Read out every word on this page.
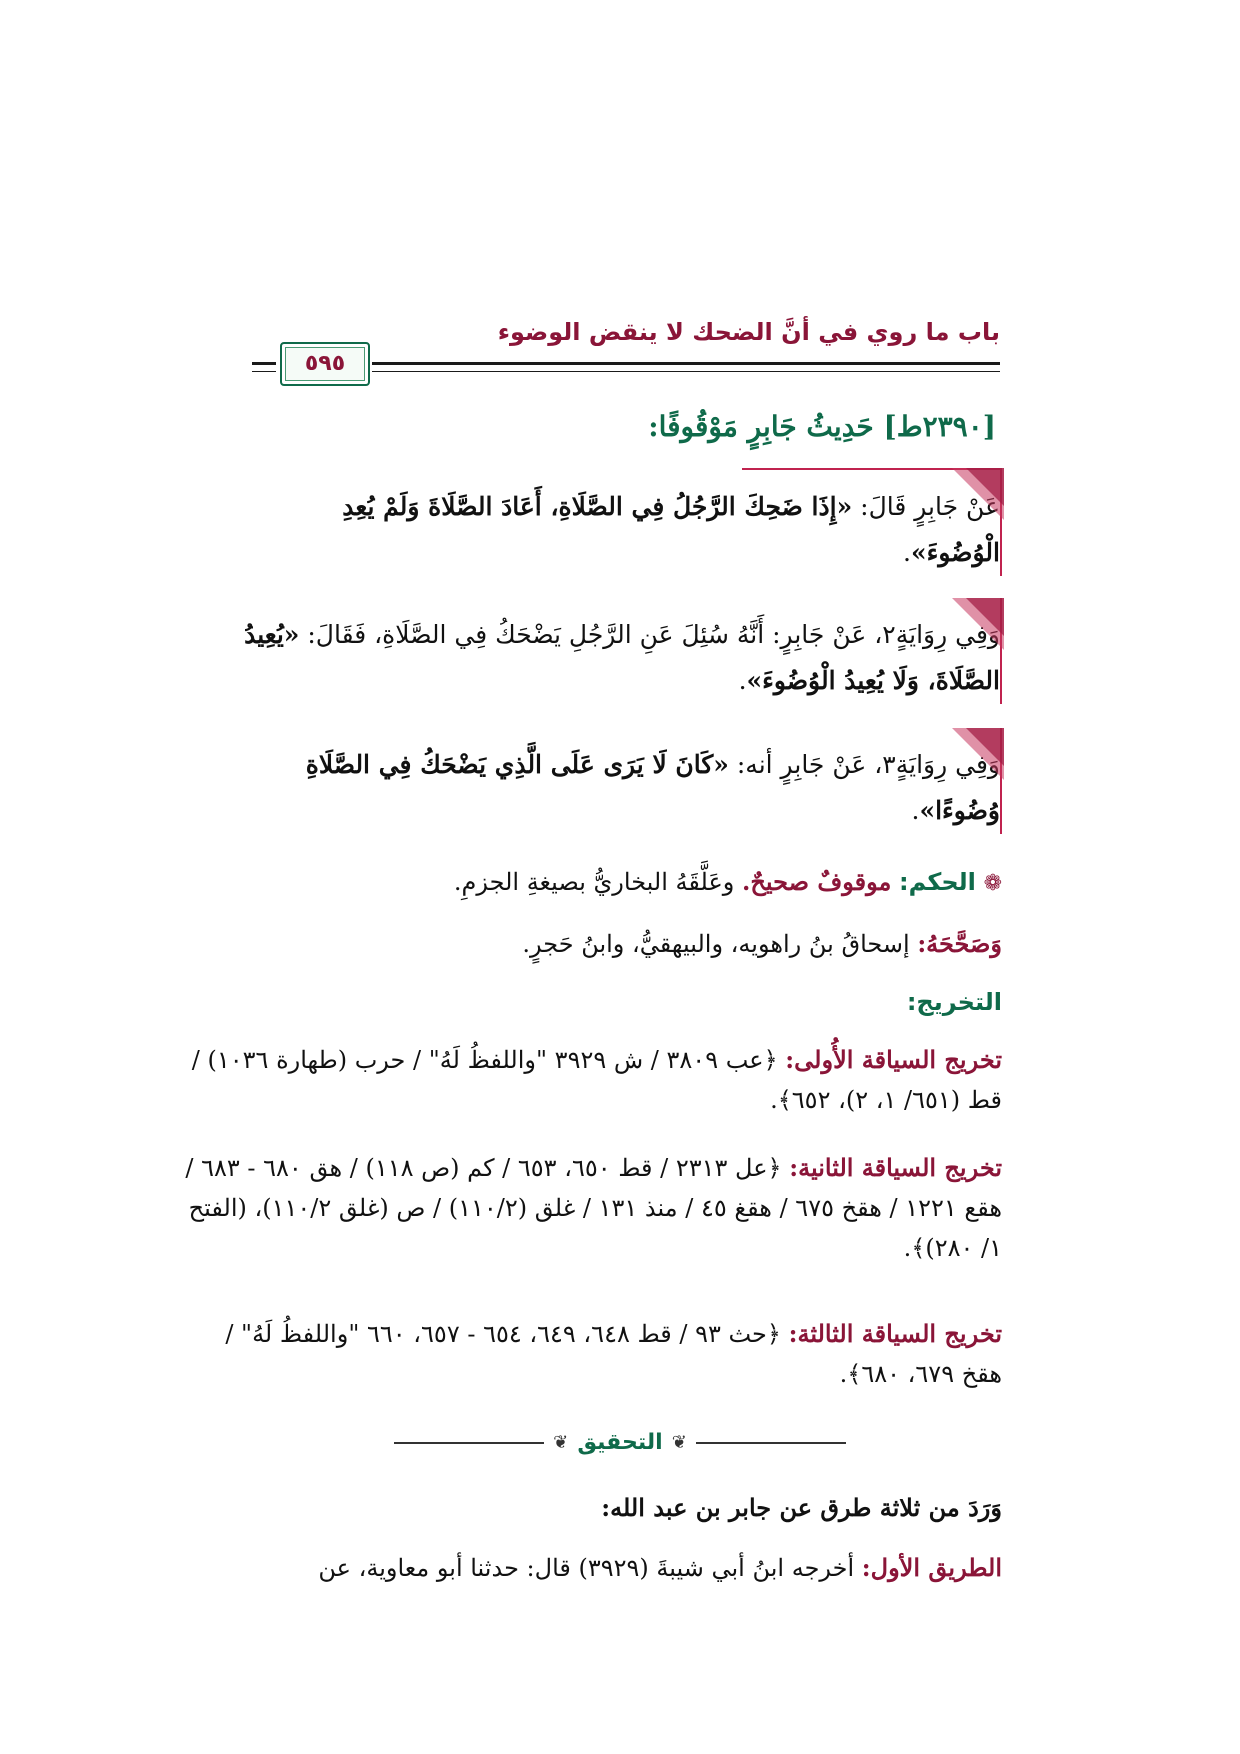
باب ما روي في أنَّ الضحك لا ينقض الوضوء
٥٩٥
[٢٣٩٠ط] حَدِيثُ جَابِرٍ مَوْقُوفًا:

عَنْ جَابِرٍ قَالَ: «إِذَا ضَحِكَ الرَّجُلُ فِي الصَّلَاةِ، أَعَادَ الصَّلَاةَ وَلَمْ يُعِدِ الْوُضُوءَ».

وَفِي رِوَايَةٍ٢، عَنْ جَابِرٍ: أَنَّهُ سُئِلَ عَنِ الرَّجُلِ يَضْحَكُ فِي الصَّلَاةِ، فَقَالَ: «يُعِيدُ الصَّلَاةَ، وَلَا يُعِيدُ الْوُضُوءَ».

وَفِي رِوَايَةٍ٣، عَنْ جَابِرٍ أنه: «كَانَ لَا يَرَى عَلَى الَّذِي يَضْحَكُ فِي الصَّلَاةِ وُضُوءًا».

❁ الحكم: موقوفٌ صحيحٌ. وعَلَّقَهُ البخاريُّ بصيغةِ الجزمِ.
وَصَحَّحَهُ: إسحاقُ بنُ راهويه، والبيهقيُّ، وابنُ حَجرٍ.
التخريج:
تخريج السياقة الأُولى: ﴿عب ٣٨٠٩ / ش ٣٩٢٩ "واللفظُ لَهُ" / حرب (طهارة ١٠٣٦) / قط (٦٥١/ ١، ٢)، ٦٥٢﴾.
تخريج السياقة الثانية: ﴿عل ٢٣١٣ / قط ٦٥٠، ٦٥٣ / كم (ص ١١٨) / هق ٦٨٠ - ٦٨٣ / هقع ١٢٢١ / هقخ ٦٧٥ / هقغ ٤٥ / منذ ١٣١ / غلق (١١٠/٢) / ص (غلق ١١٠/٢)، (الفتح ١/ ٢٨٠)﴾.
تخريج السياقة الثالثة: ﴿حث ٩٣ / قط ٦٤٨، ٦٤٩، ٦٥٤ - ٦٥٧، ٦٦٠ "واللفظُ لَهُ" / هقخ ٦٧٩، ٦٨٠﴾.
❦ التحقيق ❦
وَرَدَ من ثلاثة طرق عن جابر بن عبد الله:
الطريق الأول: أخرجه ابنُ أبي شيبةَ (٣٩٢٩) قال: حدثنا أبو معاوية، عن
